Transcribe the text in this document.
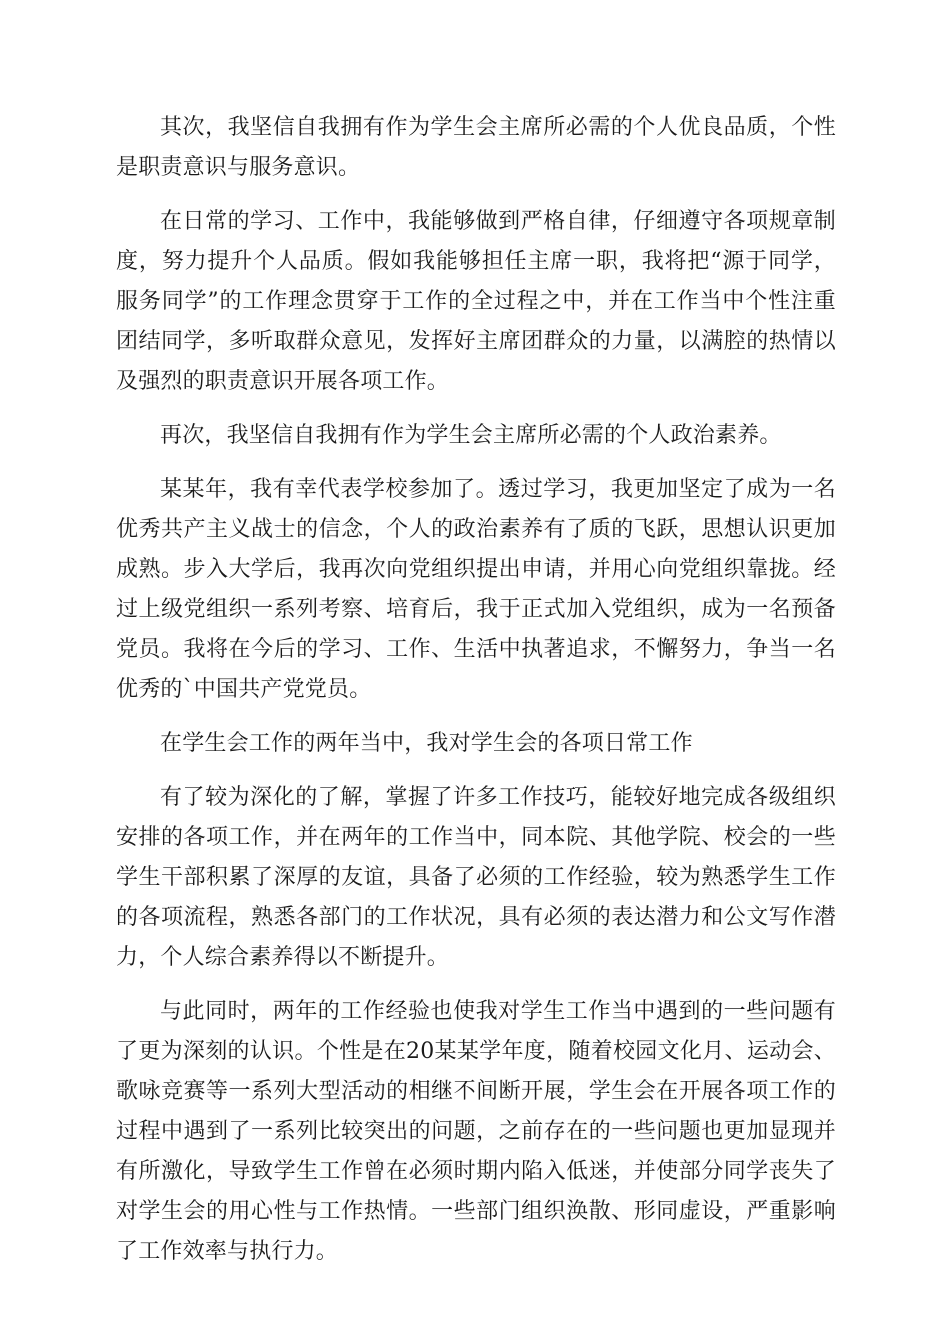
其次，我坚信自我拥有作为学生会主席所必需的个人优良品质，个性是职责意识与服务意识。

在日常的学习、工作中，我能够做到严格自律，仔细遵守各项规章制度，努力提升个人品质。假如我能够担任主席一职，我将把“源于同学，服务同学”的工作理念贯穿于工作的全过程之中，并在工作当中个性注重团结同学，多听取群众意见，发挥好主席团群众的力量，以满腔的热情以及强烈的职责意识开展各项工作。

再次，我坚信自我拥有作为学生会主席所必需的个人政治素养。

某某年，我有幸代表学校参加了。透过学习，我更加坚定了成为一名优秀共产主义战士的信念，个人的政治素养有了质的飞跃，思想认识更加成熟。步入大学后，我再次向党组织提出申请，并用心向党组织靠拢。经过上级党组织一系列考察、培育后，我于正式加入党组织，成为一名预备党员。我将在今后的学习、工作、生活中执著追求，不懈努力，争当一名优秀的`中国共产党党员。

在学生会工作的两年当中，我对学生会的各项日常工作

有了较为深化的了解，掌握了许多工作技巧，能较好地完成各级组织安排的各项工作，并在两年的工作当中，同本院、其他学院、校会的一些学生干部积累了深厚的友谊，具备了必须的工作经验，较为熟悉学生工作的各项流程，熟悉各部门的工作状况，具有必须的表达潜力和公文写作潜力，个人综合素养得以不断提升。

与此同时，两年的工作经验也使我对学生工作当中遇到的一些问题有了更为深刻的认识。个性是在20某某学年度，随着校园文化月、运动会、歌咏竞赛等一系列大型活动的相继不间断开展，学生会在开展各项工作的过程中遇到了一系列比较突出的问题，之前存在的一些问题也更加显现并有所激化，导致学生工作曾在必须时期内陷入低迷，并使部分同学丧失了对学生会的用心性与工作热情。一些部门组织涣散、形同虚设，严重影响了工作效率与执行力。
